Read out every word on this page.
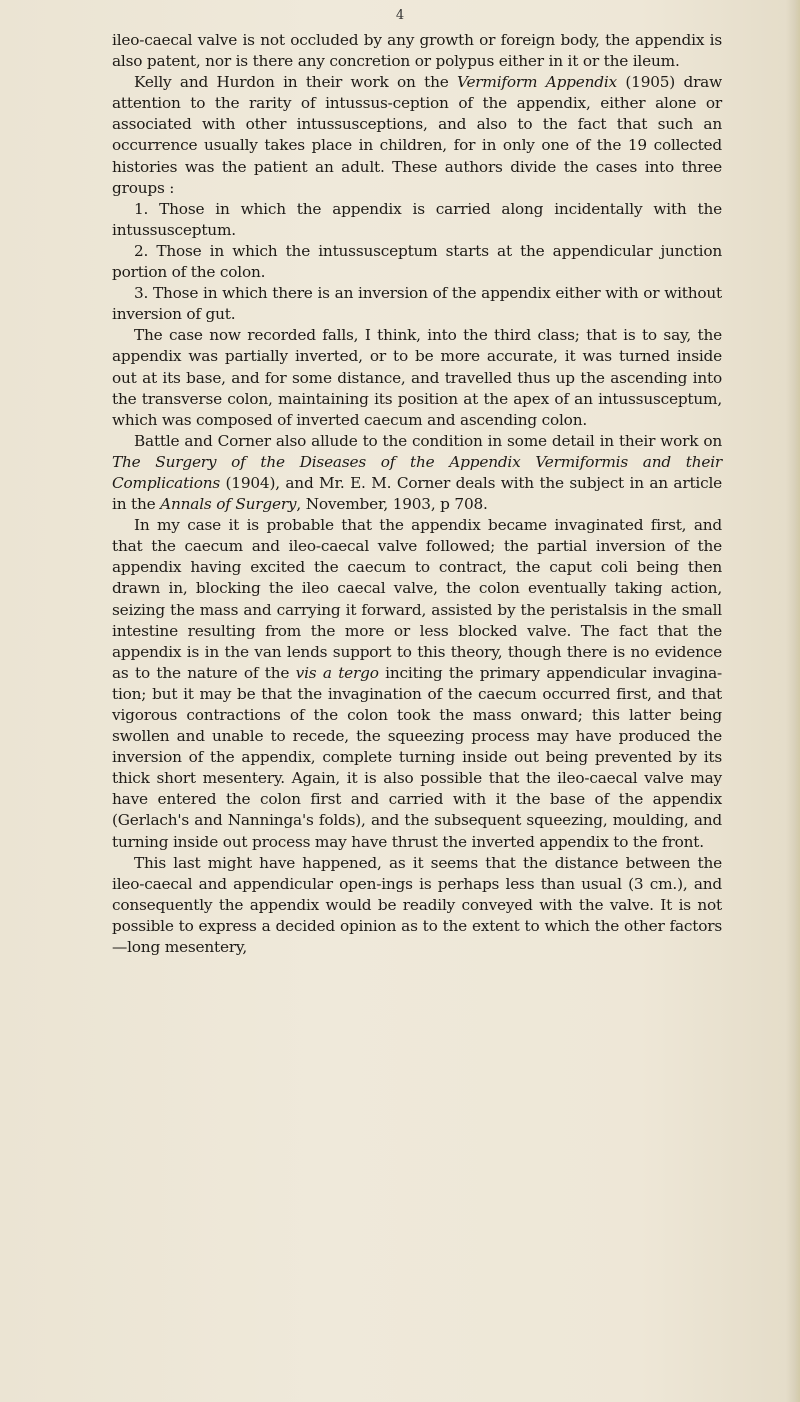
4

ileo-caecal valve is not occluded by any growth or foreign body, the appendix is also patent, nor is there any concretion or polypus either in it or the ileum.

Kelly and Hurdon in their work on the Vermiform Appendix (1905) draw attention to the rarity of intussus-ception of the appendix, either alone or associated with other intussusceptions, and also to the fact that such an occurrence usually takes place in children, for in only one of the 19 collected histories was the patient an adult. These authors divide the cases into three groups :

1. Those in which the appendix is carried along incidentally with the intussusceptum.

2. Those in which the intussusceptum starts at the appendicular junction portion of the colon.

3. Those in which there is an inversion of the appendix either with or without inversion of gut.

The case now recorded falls, I think, into the third class; that is to say, the appendix was partially inverted, or to be more accurate, it was turned inside out at its base, and for some distance, and travelled thus up the ascending into the transverse colon, maintaining its position at the apex of an intussusceptum, which was composed of inverted caecum and ascending colon.

Battle and Corner also allude to the condition in some detail in their work on The Surgery of the Diseases of the Appendix Vermiformis and their Complications (1904), and Mr. E. M. Corner deals with the subject in an article in the Annals of Surgery, November, 1903, p 708.

In my case it is probable that the appendix became invaginated first, and that the caecum and ileo-caecal valve followed; the partial inversion of the appendix having excited the caecum to contract, the caput coli being then drawn in, blocking the ileo caecal valve, the colon eventually taking action, seizing the mass and carrying it forward, assisted by the peristalsis in the small intestine resulting from the more or less blocked valve. The fact that the appendix is in the van lends support to this theory, though there is no evidence as to the nature of the vis a tergo inciting the primary appendicular invagina-tion; but it may be that the invagination of the caecum occurred first, and that vigorous contractions of the colon took the mass onward; this latter being swollen and unable to recede, the squeezing process may have produced the inversion of the appendix, complete turning inside out being prevented by its thick short mesentery. Again, it is also possible that the ileo-caecal valve may have entered the colon first and carried with it the base of the appendix (Gerlach's and Nanninga's folds), and the subsequent squeezing, moulding, and turning inside out process may have thrust the inverted appendix to the front.

This last might have happened, as it seems that the distance between the ileo-caecal and appendicular open-ings is perhaps less than usual (3 cm.), and consequently the appendix would be readily conveyed with the valve. It is not possible to express a decided opinion as to the extent to which the other factors—long mesentery,
